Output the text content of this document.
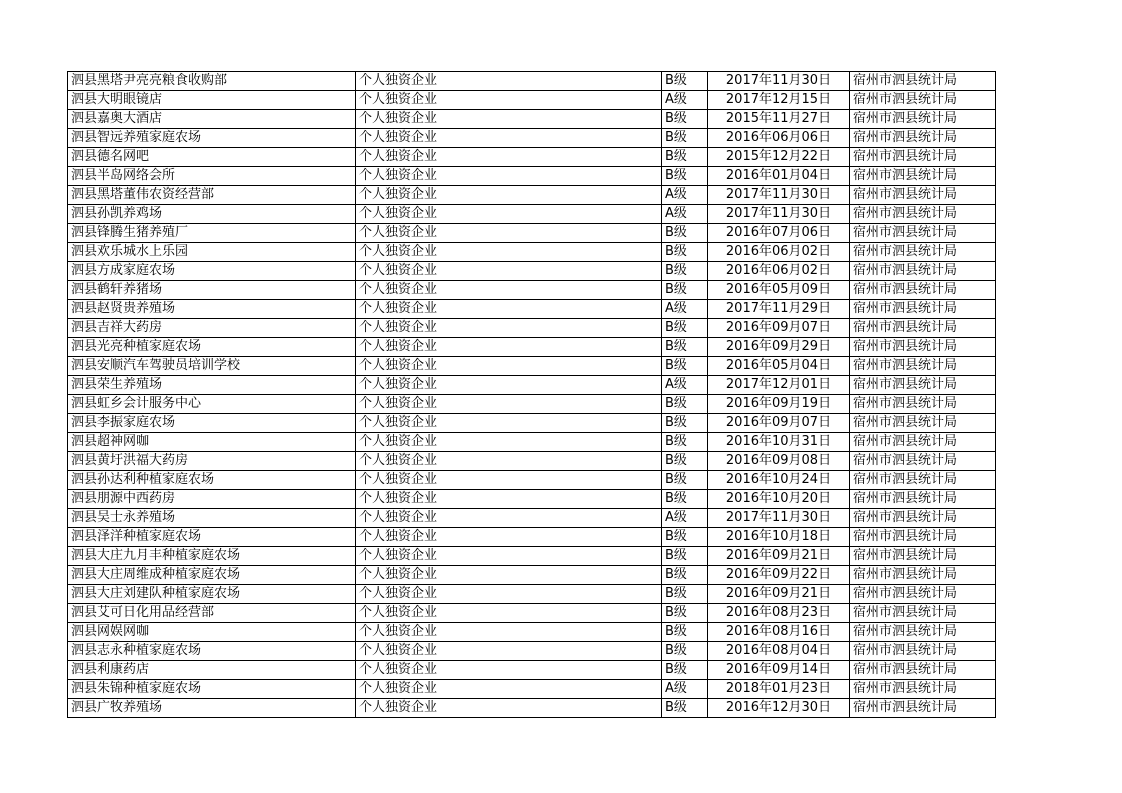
泗县黑塔尹亮亮粮食收购部	个人独资企业	B级	2017年11月30日	宿州市泗县统计局
泗县大明眼镜店	个人独资企业	A级	2017年12月15日	宿州市泗县统计局
泗县嘉奥大酒店	个人独资企业	B级	2015年11月27日	宿州市泗县统计局
泗县智远养殖家庭农场	个人独资企业	B级	2016年06月06日	宿州市泗县统计局
泗县德名网吧	个人独资企业	B级	2015年12月22日	宿州市泗县统计局
泗县半岛网络会所	个人独资企业	B级	2016年01月04日	宿州市泗县统计局
泗县黑塔董伟农资经营部	个人独资企业	A级	2017年11月30日	宿州市泗县统计局
泗县孙凯养鸡场	个人独资企业	A级	2017年11月30日	宿州市泗县统计局
泗县锋腾生猪养殖厂	个人独资企业	B级	2016年07月06日	宿州市泗县统计局
泗县欢乐城水上乐园	个人独资企业	B级	2016年06月02日	宿州市泗县统计局
泗县方成家庭农场	个人独资企业	B级	2016年06月02日	宿州市泗县统计局
泗县鹤轩养猪场	个人独资企业	B级	2016年05月09日	宿州市泗县统计局
泗县赵贤贵养殖场	个人独资企业	A级	2017年11月29日	宿州市泗县统计局
泗县吉祥大药房	个人独资企业	B级	2016年09月07日	宿州市泗县统计局
泗县光亮种植家庭农场	个人独资企业	B级	2016年09月29日	宿州市泗县统计局
泗县安顺汽车驾驶员培训学校	个人独资企业	B级	2016年05月04日	宿州市泗县统计局
泗县荣生养殖场	个人独资企业	A级	2017年12月01日	宿州市泗县统计局
泗县虹乡会计服务中心	个人独资企业	B级	2016年09月19日	宿州市泗县统计局
泗县李振家庭农场	个人独资企业	B级	2016年09月07日	宿州市泗县统计局
泗县超神网咖	个人独资企业	B级	2016年10月31日	宿州市泗县统计局
泗县黄圩洪福大药房	个人独资企业	B级	2016年09月08日	宿州市泗县统计局
泗县孙达利种植家庭农场	个人独资企业	B级	2016年10月24日	宿州市泗县统计局
泗县朋源中西药房	个人独资企业	B级	2016年10月20日	宿州市泗县统计局
泗县吴士永养殖场	个人独资企业	A级	2017年11月30日	宿州市泗县统计局
泗县泽洋种植家庭农场	个人独资企业	B级	2016年10月18日	宿州市泗县统计局
泗县大庄九月丰种植家庭农场	个人独资企业	B级	2016年09月21日	宿州市泗县统计局
泗县大庄周维成种植家庭农场	个人独资企业	B级	2016年09月22日	宿州市泗县统计局
泗县大庄刘建队种植家庭农场	个人独资企业	B级	2016年09月21日	宿州市泗县统计局
泗县艾可日化用品经营部	个人独资企业	B级	2016年08月23日	宿州市泗县统计局
泗县网娱网咖	个人独资企业	B级	2016年08月16日	宿州市泗县统计局
泗县志永种植家庭农场	个人独资企业	B级	2016年08月04日	宿州市泗县统计局
泗县利康药店	个人独资企业	B级	2016年09月14日	宿州市泗县统计局
泗县朱锦种植家庭农场	个人独资企业	A级	2018年01月23日	宿州市泗县统计局
泗县广牧养殖场	个人独资企业	B级	2016年12月30日	宿州市泗县统计局
